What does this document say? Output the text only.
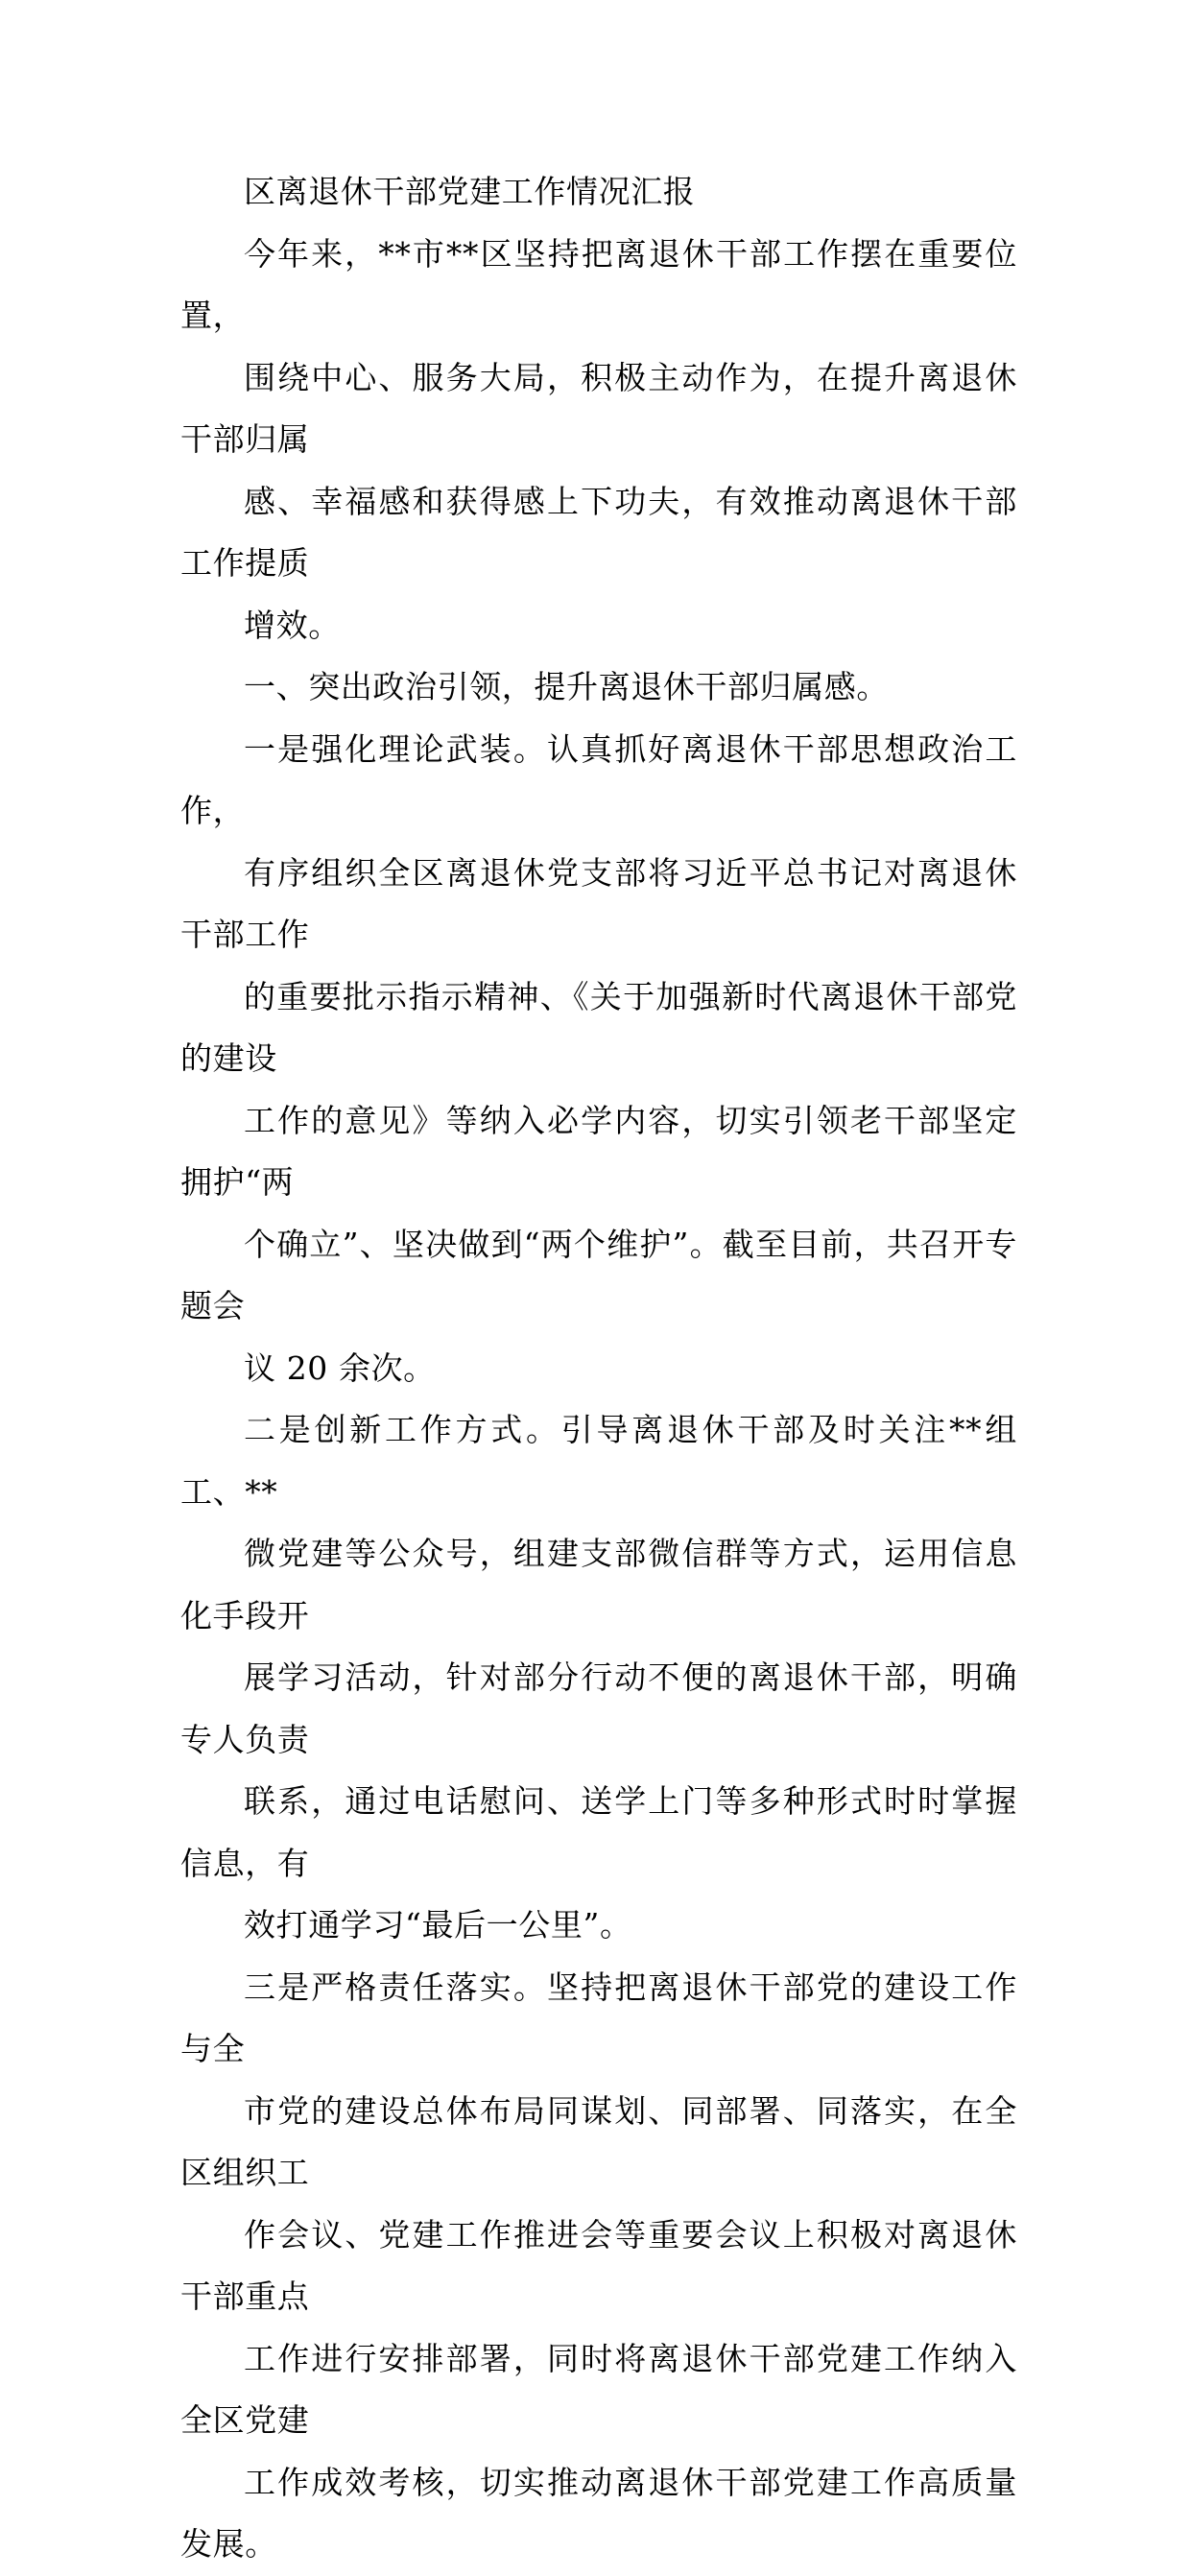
区离退休干部党建工作情况汇报

今年来，**市**区坚持把离退休干部工作摆在重要位置，
围绕中心、服务大局，积极主动作为，在提升离退休干部归属
感、幸福感和获得感上下功夫，有效推动离退休干部工作提质
增效。

一、突出政治引领，提升离退休干部归属感。

一是强化理论武装。认真抓好离退休干部思想政治工作，
有序组织全区离退休党支部将习近平总书记对离退休干部工作
的重要批示指示精神、《关于加强新时代离退休干部党的建设
工作的意见》等纳入必学内容，切实引领老干部坚定拥护“两
个确立”、坚决做到“两个维护”。截至目前，共召开专题会
议 20 余次。

二是创新工作方式。引导离退休干部及时关注**组工、**
微党建等公众号，组建支部微信群等方式，运用信息化手段开
展学习活动，针对部分行动不便的离退休干部，明确专人负责
联系，通过电话慰问、送学上门等多种形式时时掌握信息，有
效打通学习“最后一公里”。

三是严格责任落实。坚持把离退休干部党的建设工作与全
市党的建设总体布局同谋划、同部署、同落实，在全区组织工
作会议、党建工作推进会等重要会议上积极对离退休干部重点
工作进行安排部署，同时将离退休干部党建工作纳入全区党建
工作成效考核，切实推动离退休干部党建工作高质量发展。
